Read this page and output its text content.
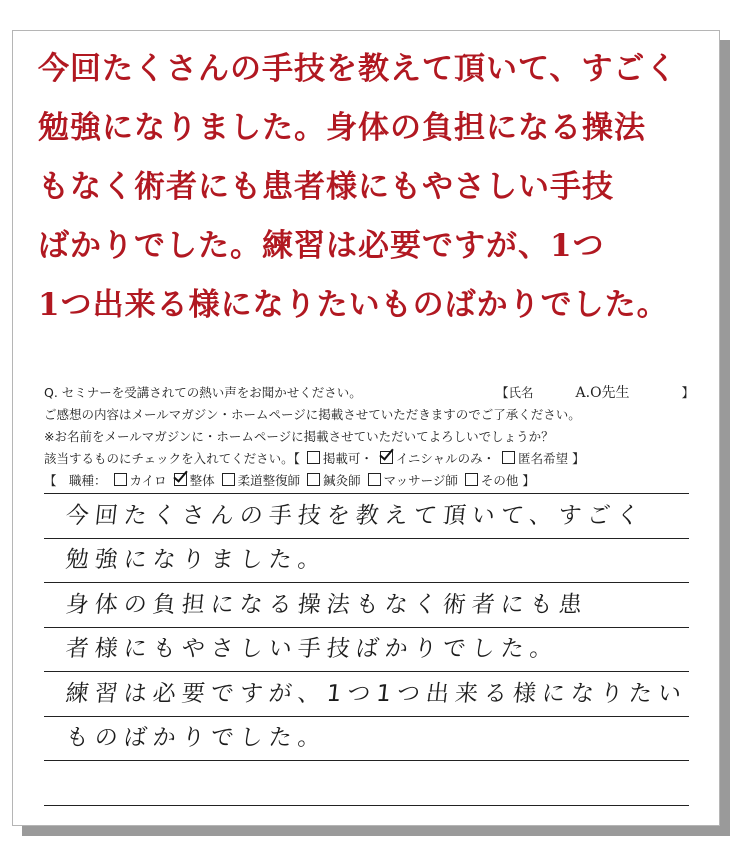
今回たくさんの手技を教えて頂いて、すごく
勉強になりました。身体の負担になる操法
もなく術者にも患者様にもやさしい手技
ばかりでした。練習は必要ですが、1つ
1つ出来る様になりたいものばかりでした。
Q. セミナーを受講されての熱い声をお聞かせください。	【氏名	A.O先生	】
ご感想の内容はメールマガジン・ホームページに掲載させていただきますのでご了承ください。
※お名前をメールマガジンに・ホームページに掲載させていただいてよろしいでしょうか？
該当するものにチェックを入れてください。【 掲載可・ イニシャルのみ・ 匿名希望 】
【　職種： カイロ 整体 柔道整復師 鍼灸師 マッサージ師 その他 】
今回たくさんの手技を教えて頂いて、すごく
勉強になりました。
身体の負担になる操法もなく術者にも患
者様にもやさしい手技ばかりでした。
練習は必要ですが、1つ1つ出来る様になりたい
ものばかりでした。
